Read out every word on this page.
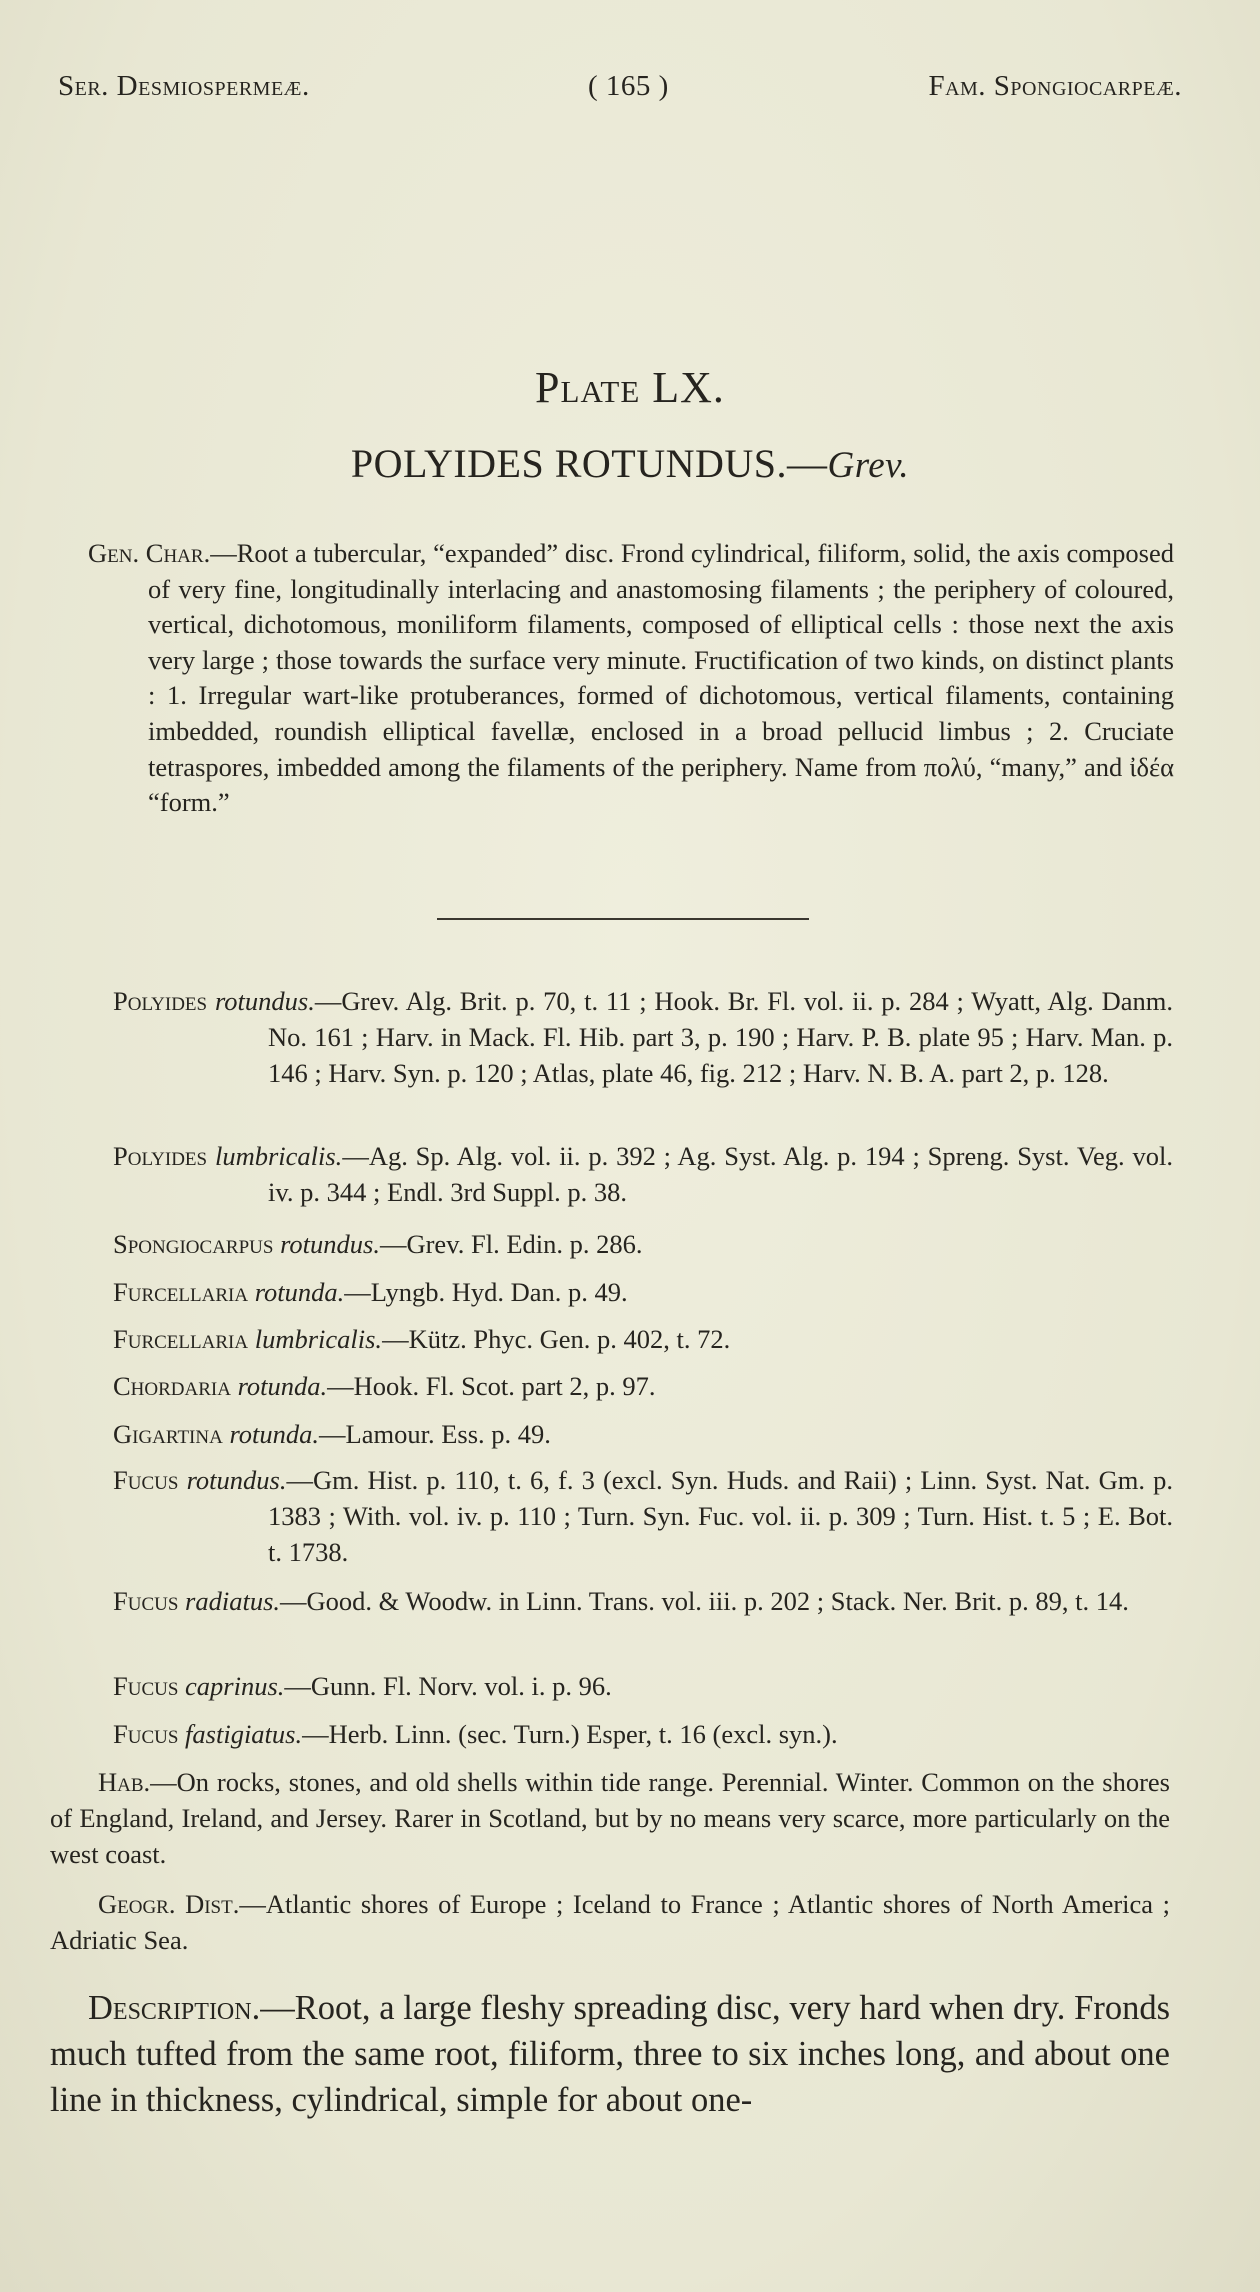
Ser. Desmiospermeæ.	( 165 )	Fam. Spongiocarpeæ.
Plate LX.
POLYIDES ROTUNDUS.—Grev.
Gen. Char.—Root a tubercular, “expanded” disc. Frond cylindrical, filiform, solid, the axis composed of very fine, longitudinally interlacing and anastomosing filaments ; the periphery of coloured, vertical, dichotomous, moniliform filaments, composed of elliptical cells : those next the axis very large ; those towards the surface very minute. Fructification of two kinds, on distinct plants : 1. Irregular wart-like protuberances, formed of dichotomous, vertical filaments, containing imbedded, roundish elliptical favellæ, enclosed in a broad pellucid limbus ; 2. Cruciate tetraspores, imbedded among the filaments of the periphery. Name from πολύ, “many,” and ἰδέα “form.”
Polyides rotundus.—Grev. Alg. Brit. p. 70, t. 11 ; Hook. Br. Fl. vol. ii. p. 284 ; Wyatt, Alg. Danm. No. 161 ; Harv. in Mack. Fl. Hib. part 3, p. 190 ; Harv. P. B. plate 95 ; Harv. Man. p. 146 ; Harv. Syn. p. 120 ; Atlas, plate 46, fig. 212 ; Harv. N. B. A. part 2, p. 128.
Polyides lumbricalis.—Ag. Sp. Alg. vol. ii. p. 392 ; Ag. Syst. Alg. p. 194 ; Spreng. Syst. Veg. vol. iv. p. 344 ; Endl. 3rd Suppl. p. 38.
Spongiocarpus rotundus.—Grev. Fl. Edin. p. 286.
Furcellaria rotunda.—Lyngb. Hyd. Dan. p. 49.
Furcellaria lumbricalis.—Kütz. Phyc. Gen. p. 402, t. 72.
Chordaria rotunda.—Hook. Fl. Scot. part 2, p. 97.
Gigartina rotunda.—Lamour. Ess. p. 49.
Fucus rotundus.—Gm. Hist. p. 110, t. 6, f. 3 (excl. Syn. Huds. and Raii) ; Linn. Syst. Nat. Gm. p. 1383 ; With. vol. iv. p. 110 ; Turn. Syn. Fuc. vol. ii. p. 309 ; Turn. Hist. t. 5 ; E. Bot. t. 1738.
Fucus radiatus.—Good. & Woodw. in Linn. Trans. vol. iii. p. 202 ; Stack. Ner. Brit. p. 89, t. 14.
Fucus caprinus.—Gunn. Fl. Norv. vol. i. p. 96.
Fucus fastigiatus.—Herb. Linn. (sec. Turn.) Esper, t. 16 (excl. syn.).
Hab.—On rocks, stones, and old shells within tide range. Perennial. Winter. Common on the shores of England, Ireland, and Jersey. Rarer in Scotland, but by no means very scarce, more particularly on the west coast.
Geogr. Dist.—Atlantic shores of Europe ; Iceland to France ; Atlantic shores of North America ; Adriatic Sea.
Description.—Root, a large fleshy spreading disc, very hard when dry. Fronds much tufted from the same root, filiform, three to six inches long, and about one line in thickness, cylindrical, simple for about one-
